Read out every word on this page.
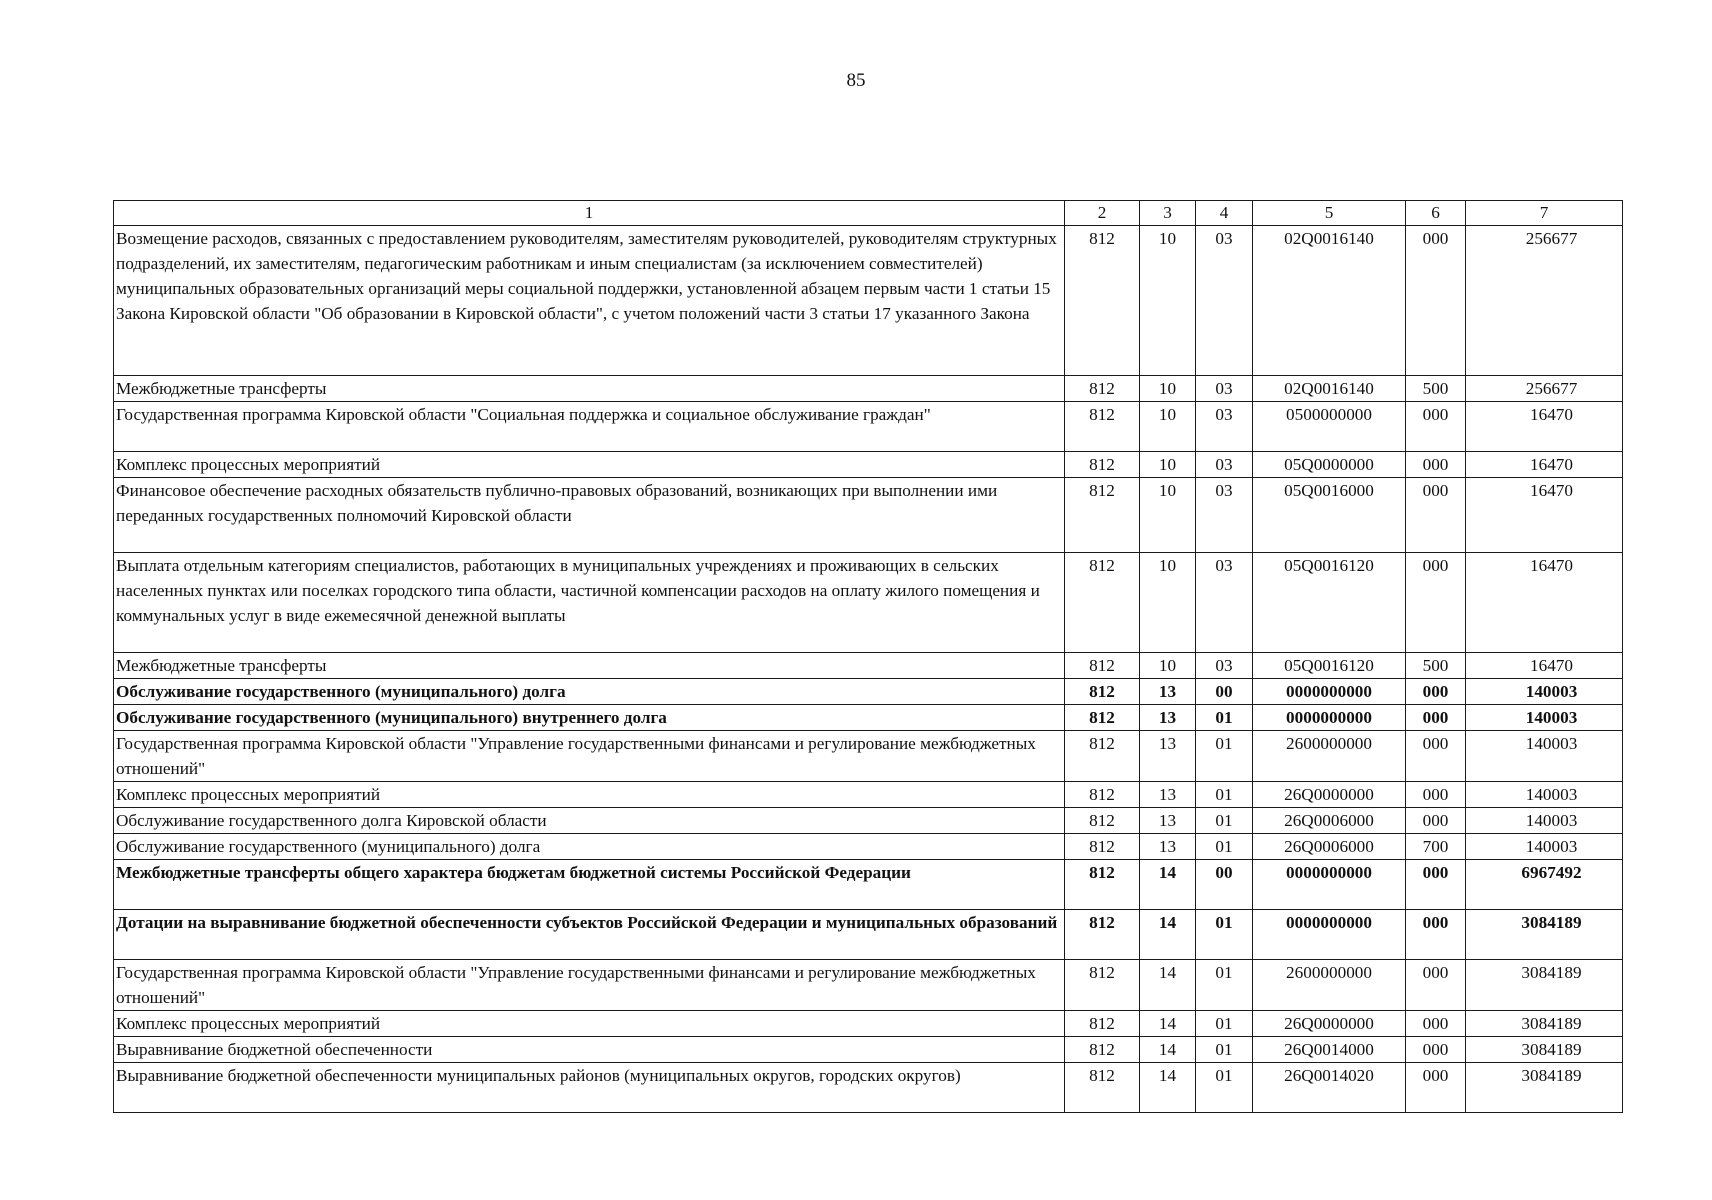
85
1	2	3	4	5	6	7
Возмещение расходов, связанных с предоставлением руководителям, заместителям руководителей, руководителям структурных подразделений, их заместителям, педагогическим работникам и иным специалистам (за исключением совместителей) муниципальных образовательных организаций меры социальной поддержки, установленной абзацем первым части 1 статьи 15 Закона Кировской области "Об образовании в Кировской области", с учетом положений части 3 статьи 17 указанного Закона	812	10	03	02Q0016140	000	256677
Межбюджетные трансферты	812	10	03	02Q0016140	500	256677
Государственная программа Кировской области "Социальная поддержка и социальное обслуживание граждан"	812	10	03	0500000000	000	16470
Комплекс процессных мероприятий	812	10	03	05Q0000000	000	16470
Финансовое обеспечение расходных обязательств публично-правовых образований, возникающих при выполнении ими переданных государственных полномочий Кировской области	812	10	03	05Q0016000	000	16470
Выплата отдельным категориям специалистов, работающих в муниципальных учреждениях и проживающих в сельских населенных пунктах или поселках городского типа области, частичной компенсации расходов на оплату жилого помещения и коммунальных услуг в виде ежемесячной денежной выплаты	812	10	03	05Q0016120	000	16470
Межбюджетные трансферты	812	10	03	05Q0016120	500	16470
Обслуживание государственного (муниципального) долга	812	13	00	0000000000	000	140003
Обслуживание государственного (муниципального) внутреннего долга	812	13	01	0000000000	000	140003
Государственная программа Кировской области "Управление государственными финансами и регулирование межбюджетных отношений"	812	13	01	2600000000	000	140003
Комплекс процессных мероприятий	812	13	01	26Q0000000	000	140003
Обслуживание государственного долга Кировской области	812	13	01	26Q0006000	000	140003
Обслуживание государственного (муниципального) долга	812	13	01	26Q0006000	700	140003
Межбюджетные трансферты общего характера бюджетам бюджетной системы Российской Федерации	812	14	00	0000000000	000	6967492
Дотации на выравнивание бюджетной обеспеченности субъектов Российской Федерации и муниципальных образований	812	14	01	0000000000	000	3084189
Государственная программа Кировской области "Управление государственными финансами и регулирование межбюджетных отношений"	812	14	01	2600000000	000	3084189
Комплекс процессных мероприятий	812	14	01	26Q0000000	000	3084189
Выравнивание бюджетной обеспеченности	812	14	01	26Q0014000	000	3084189
Выравнивание бюджетной обеспеченности муниципальных районов (муниципальных округов, городских округов)	812	14	01	26Q0014020	000	3084189
